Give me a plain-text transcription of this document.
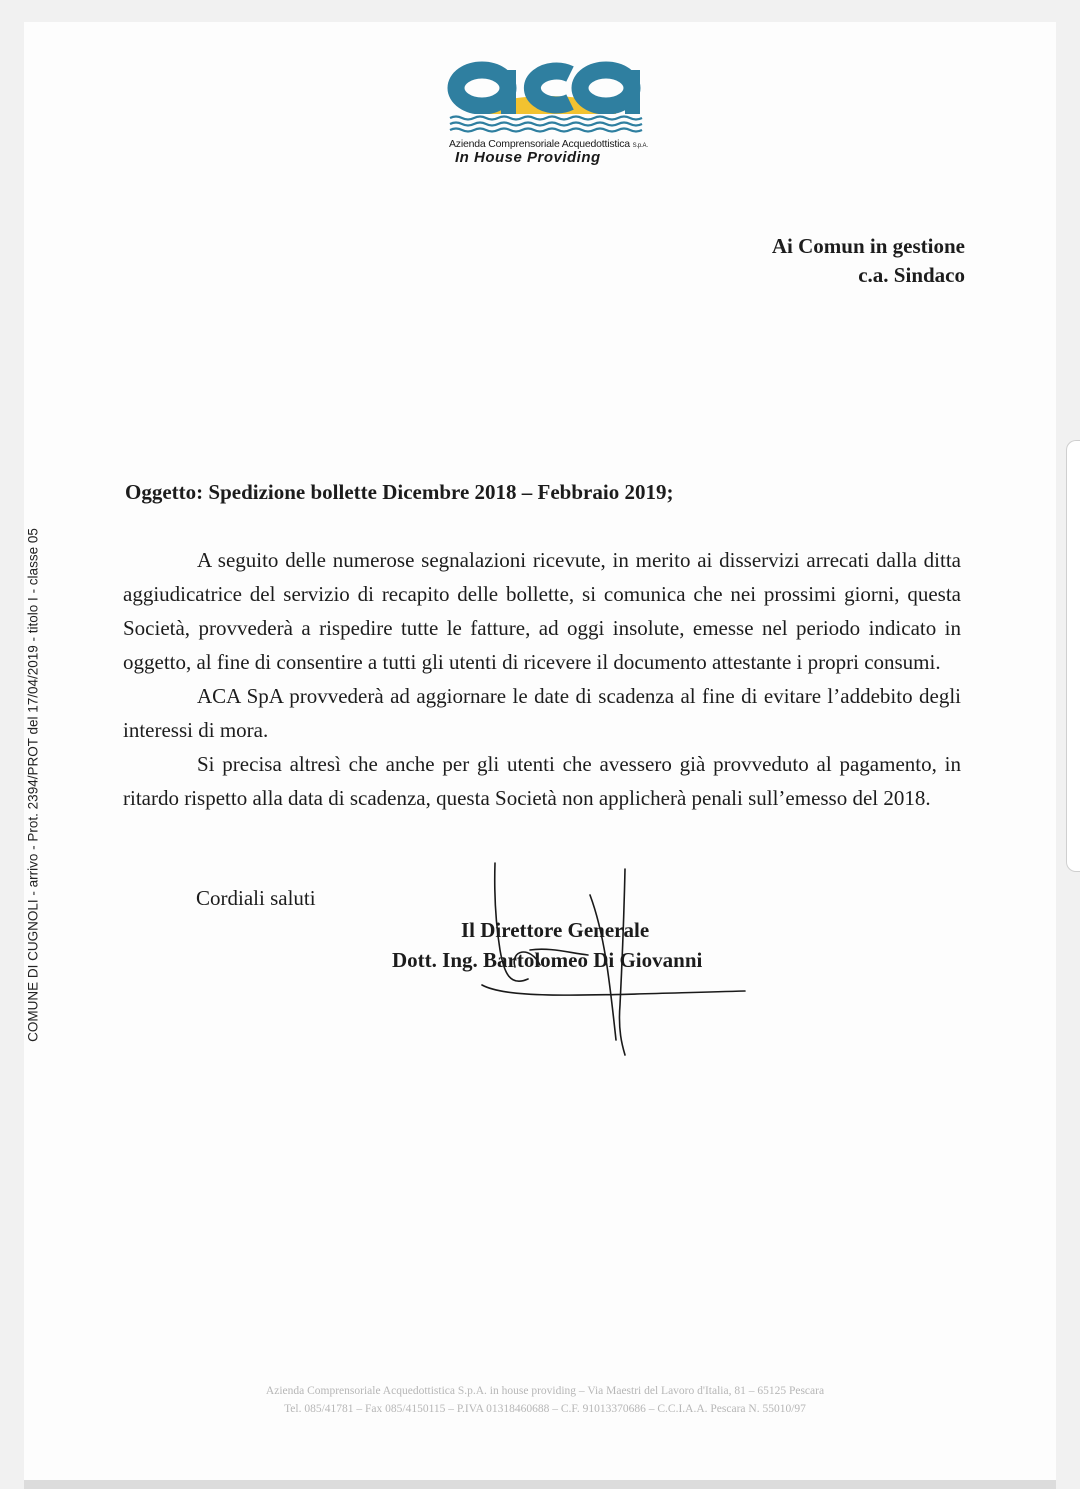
COMUNE DI CUGNOLI - arrivo - Prot. 2394/PROT del 17/04/2019 - titolo I - classe 05
Azienda Comprensoriale Acquedottistica S.p.A.
In House Providing
Ai Comun in gestione
c.a. Sindaco
Oggetto: Spedizione bollette Dicembre 2018 – Febbraio 2019;

A seguito delle numerose segnalazioni ricevute, in merito ai disservizi arrecati dalla ditta aggiudicatrice del servizio di recapito delle bollette, si comunica che nei prossimi giorni, questa Società, provvederà a rispedire tutte le fatture, ad oggi insolute, emesse nel periodo indicato in oggetto, al fine di consentire a tutti gli utenti di ricevere il documento attestante i propri consumi.

ACA SpA provvederà ad aggiornare le date di scadenza al fine di evitare l’addebito degli interessi di mora.

Si precisa altresì che anche per gli utenti che avessero già provveduto al pagamento, in ritardo rispetto alla data di scadenza, questa Società non applicherà penali sull’emesso del 2018.

Cordiali saluti
Il Direttore Generale
Dott. Ing. Bartolomeo Di Giovanni
Azienda Comprensoriale Acquedottistica S.p.A. in house providing – Via Maestri del Lavoro d'Italia, 81 – 65125 Pescara
Tel. 085/41781 – Fax 085/4150115 – P.IVA 01318460688 – C.F. 91013370686 – C.C.I.A.A. Pescara N. 55010/97
